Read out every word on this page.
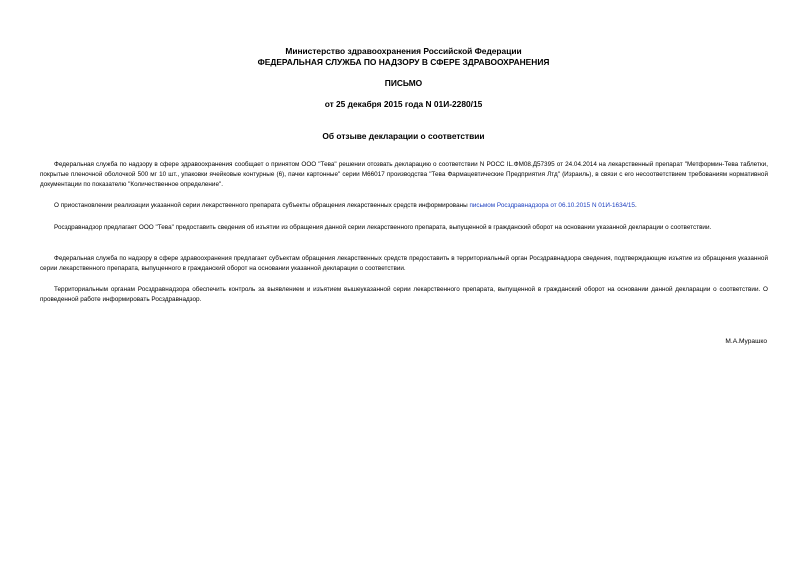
Министерство здравоохранения Российской Федерации
ФЕДЕРАЛЬНАЯ СЛУЖБА ПО НАДЗОРУ В СФЕРЕ ЗДРАВООХРАНЕНИЯ
ПИСЬМО
от 25 декабря 2015 года N 01И-2280/15
Об отзыве декларации о соответствии
Федеральная служба по надзору в сфере здравоохранения сообщает о принятом ООО "Тева" решении отозвать декларацию о соответствии N РОСС IL.ФМ08.Д57395 от 24.04.2014 на лекарственный препарат "Метформин-Тева таблетки, покрытые пленочной оболочкой 500 мг 10 шт., упаковки ячейковые контурные (6), пачки картонные" серии М66017 производства "Тева Фармацевтические Предприятия Лтд" (Израиль), в связи с его несоответствием требованиям нормативной документации по показателю "Количественное определение".
О приостановлении реализации указанной серии лекарственного препарата субъекты обращения лекарственных средств информированы письмом Росздравнадзора от 06.10.2015 N 01И-1634/15.
Росздравнадзор предлагает ООО "Тева" предоставить сведения об изъятии из обращения данной серии лекарственного препарата, выпущенной в гражданский оборот на основании указанной декларации о соответствии.
Федеральная служба по надзору в сфере здравоохранения предлагает субъектам обращения лекарственных средств предоставить в территориальный орган Росздравнадзора сведения, подтверждающие изъятие из обращения указанной серии лекарственного препарата, выпущенного в гражданский оборот на основании указанной декларации о соответствии.
Территориальным органам Росздравнадзора обеспечить контроль за выявлением и изъятием вышеуказанной серии лекарственного препарата, выпущенной в гражданский оборот на основании данной декларации о соответствии. О проведенной работе информировать Росздравнадзор.
М.А.Мурашко
